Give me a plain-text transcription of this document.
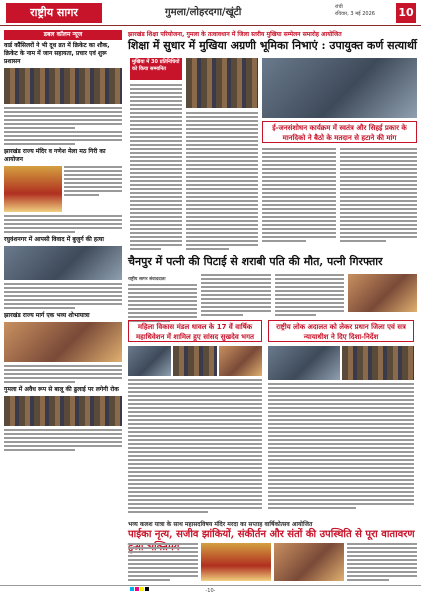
राष्ट्रीय सागर	गुमला/लोहरदगा/खूंटी	रांची
रविवार, 3 मई 2026 10
डबल कॉलम न्यूज
वार्ड कौंसिलरों ने भी दूध व्रत में क्रिकेट का शौक, क्रिकेट के नाम में जान सहायता, प्रचार एवं शुरू प्रशासन
झारखंड राज्य मंदिर व गणेश मेला मठ गिरी का आयोजन
रघुवंशनगर में आपसी विवाद में बुजुर्ग की हत्या
झारखंड राज्य मार्ग एक भव्य शोभायात्रा
गुमला में अवैध रूप से बालू की ढुलाई पर लगेगी रोक
झारखंड शिक्षा परियोजना, गुमला के तत्वावधान में जिला स्तरीय मुखिया सम्मेलन समारोह आयोजित
शिक्षा में सुधार में मुखिया अग्रणी भूमिका निभाएं : उपायुक्त कर्ण सत्यार्थी
मुखिया में 30 प्रतिनिधियों को किया सम्मानित
ई-जनसंशोधन कार्यक्रम में स्वतंत्र और सिहई प्रकार के मानदिको ने बैठो के मतदान से हटाने की मांग
चैनपुर में पत्नी की पिटाई से शराबी पति की मौत, पत्नी गिरफ्तार
राष्ट्रीय सागर संवाददाता
महिला विकास मंडल धावल के 17 वें वार्षिक महाधिवेशन में शामिल हुए सांसद सुखदेव भगत
राष्ट्रीय लोक अदालत को लेकर प्रधान जिला एवं सत्र न्यायाधीश ने दिए दिशा-निर्देश
भव्य कलश यात्रा के साथ महासदविषय मंदिर मरदा का सप्ताह वार्षिकोत्सव आयोजित
पाईका नृत्य, सजीव झांकियों, संकीर्तन और संतों की उपस्थिति से पूरा वातावरण
-10-
